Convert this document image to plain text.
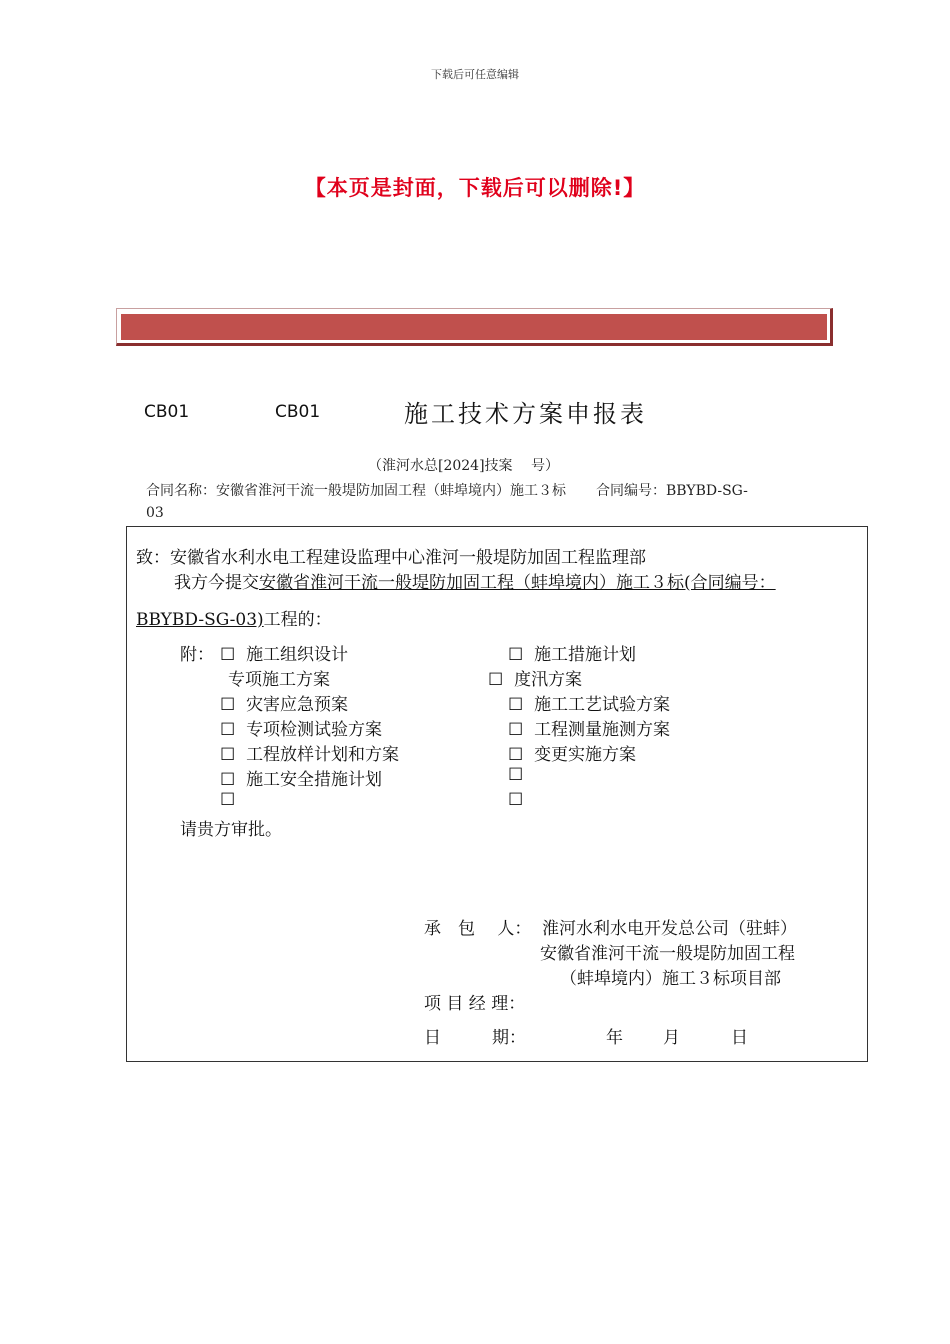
下载后可任意编辑
【本页是封面，下载后可以删除!】
CB01	CB01	施工技术方案申报表
（淮河水总[2024]技案　 号）
合同名称：安徽省淮河干流一般堤防加固工程（蚌埠境内）施工３标 合同编号：BBYBD-SG-
03
致：安徽省水利水电工程建设监理中心淮河一般堤防加固工程监理部
我方今提交安徽省淮河干流一般堤防加固工程（蚌埠境内）施工３标(合同编号：
BBYBD-SG-03)工程的：
附： ☐ 施工组织设计
专项施工方案
☐ 灾害应急预案
☐ 专项检测试验方案
☐ 工程放样计划和方案
☐ 施工安全措施计划
☐
☐ 施工措施计划
☐ 度汛方案
☐ 施工工艺试验方案
☐ 工程测量施测方案
☐ 变更实施方案
☐
☐
请贵方审批。
承　包　 人： 淮河水利水电开发总公司（驻蚌）
安徽省淮河干流一般堤防加固工程
（蚌埠境内）施工３标项目部
项 目 经 理：
日　　　期：	年 月	日
